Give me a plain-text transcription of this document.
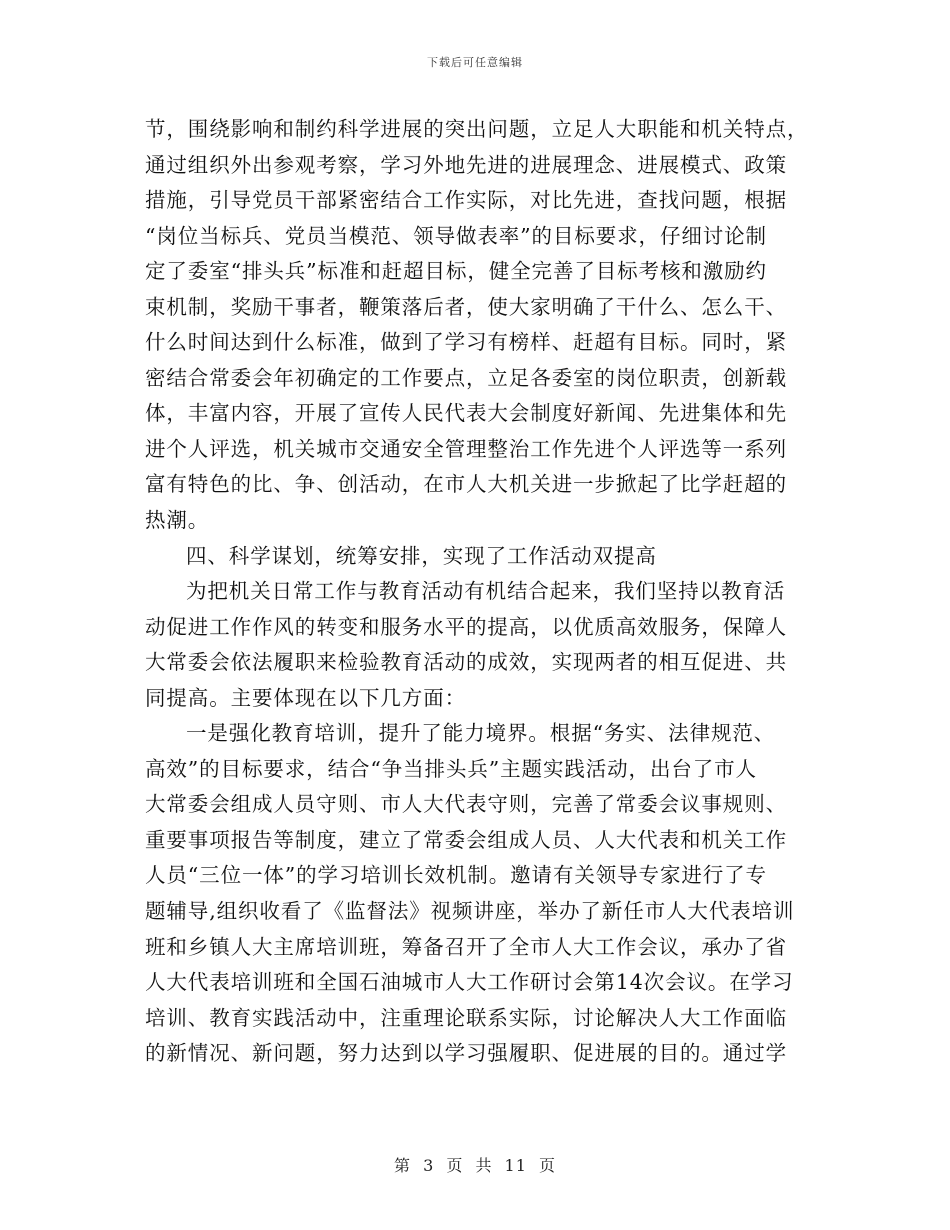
下载后可任意编辑
节，围绕影响和制约科学进展的突出问题，立足人大职能和机关特点，
通过组织外出参观考察，学习外地先进的进展理念、进展模式、政策
措施，引导党员干部紧密结合工作实际，对比先进，查找问题，根据
“岗位当标兵、党员当模范、领导做表率”的目标要求，仔细讨论制
定了委室“排头兵”标准和赶超目标，健全完善了目标考核和激励约
束机制，奖励干事者，鞭策落后者，使大家明确了干什么、怎么干、
什么时间达到什么标准，做到了学习有榜样、赶超有目标。同时，紧
密结合常委会年初确定的工作要点，立足各委室的岗位职责，创新载
体，丰富内容，开展了宣传人民代表大会制度好新闻、先进集体和先
进个人评选，机关城市交通安全管理整治工作先进个人评选等一系列
富有特色的比、争、创活动，在市人大机关进一步掀起了比学赶超的
热潮。
四、科学谋划，统筹安排，实现了工作活动双提高
为把机关日常工作与教育活动有机结合起来，我们坚持以教育活
动促进工作作风的转变和服务水平的提高，以优质高效服务，保障人
大常委会依法履职来检验教育活动的成效，实现两者的相互促进、共
同提高。主要体现在以下几方面：
一是强化教育培训，提升了能力境界。根据“务实、法律规范、
高效”的目标要求，结合“争当排头兵”主题实践活动，出台了市人
大常委会组成人员守则、市人大代表守则，完善了常委会议事规则、
重要事项报告等制度，建立了常委会组成人员、人大代表和机关工作
人员“三位一体”的学习培训长效机制。邀请有关领导专家进行了专
题辅导,组织收看了《监督法》视频讲座，举办了新任市人大代表培训
班和乡镇人大主席培训班，筹备召开了全市人大工作会议，承办了省
人大代表培训班和全国石油城市人大工作研讨会第14次会议。在学习
培训、教育实践活动中，注重理论联系实际，讨论解决人大工作面临
的新情况、新问题，努力达到以学习强履职、促进展的目的。通过学
第 3 页 共 11 页
